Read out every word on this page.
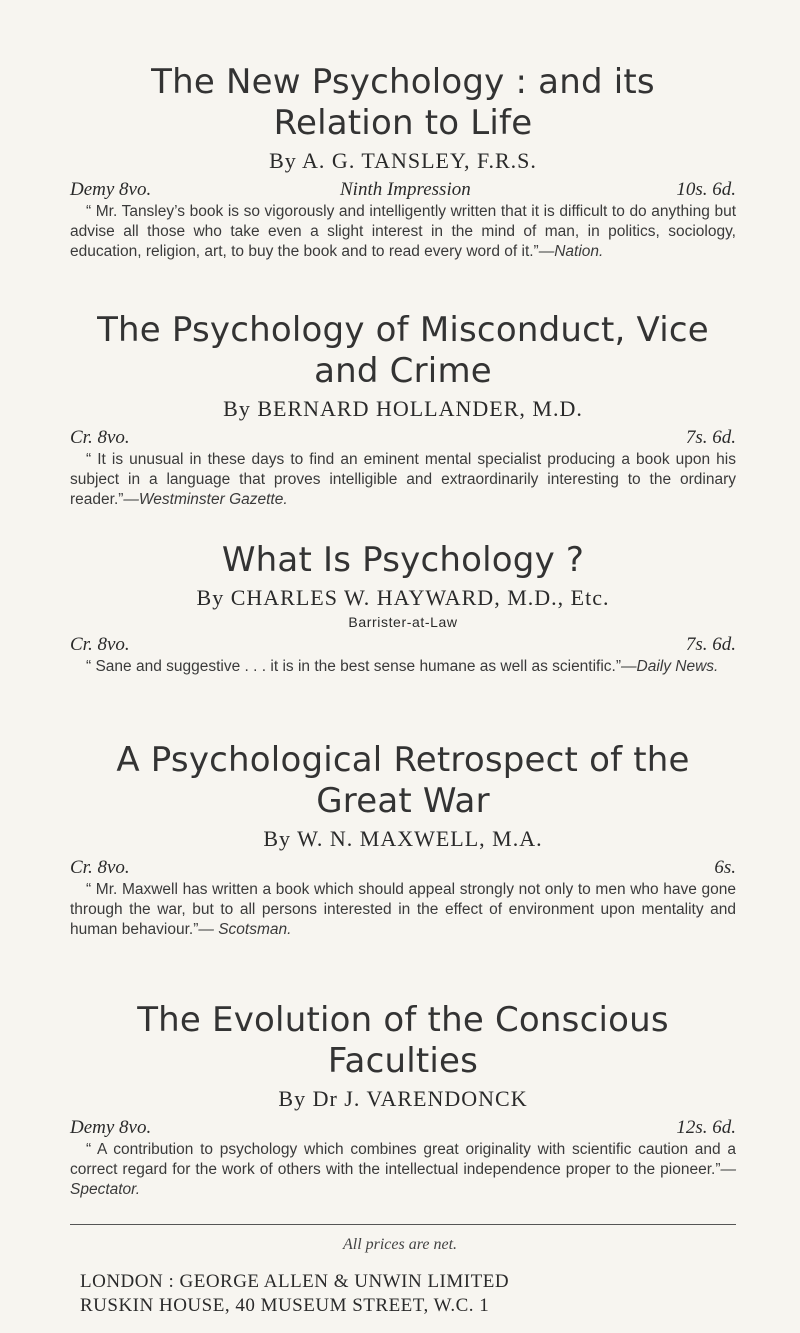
The New Psychology : and its
Relation to Life
By A. G. TANSLEY, F.R.S.
Demy 8vo.	Ninth Impression	10s. 6d.
“ Mr. Tansley’s book is so vigorously and intelligently written that it is difficult to do anything but advise all those who take even a slight interest in the mind of man, in politics, sociology, education, religion, art, to buy the book and to read every word of it.”—Nation.
The Psychology of Misconduct, Vice
and Crime
By BERNARD HOLLANDER, M.D.
Cr. 8vo.	7s. 6d.
“ It is unusual in these days to find an eminent mental specialist producing a book upon his subject in a language that proves intelligible and extraordinarily interesting to the ordinary reader.”—Westminster Gazette.
What Is Psychology ?
By CHARLES W. HAYWARD, M.D., Etc.
Barrister-at-Law
Cr. 8vo.	7s. 6d.
“ Sane and suggestive . . . it is in the best sense humane as well as scientific.”—Daily News.
A Psychological Retrospect of the
Great War
By W. N. MAXWELL, M.A.
Cr. 8vo.	6s.
“ Mr. Maxwell has written a book which should appeal strongly not only to men who have gone through the war, but to all persons interested in the effect of environment upon mentality and human behaviour.”— Scotsman.
The Evolution of the Conscious
Faculties
By Dr J. VARENDONCK
Demy 8vo.	12s. 6d.
“ A contribution to psychology which combines great originality with scientific caution and a correct regard for the work of others with the intellectual independence proper to the pioneer.”—Spectator.
All prices are net.
LONDON : GEORGE ALLEN & UNWIN LIMITED
RUSKIN HOUSE, 40 MUSEUM STREET, W.C. 1
